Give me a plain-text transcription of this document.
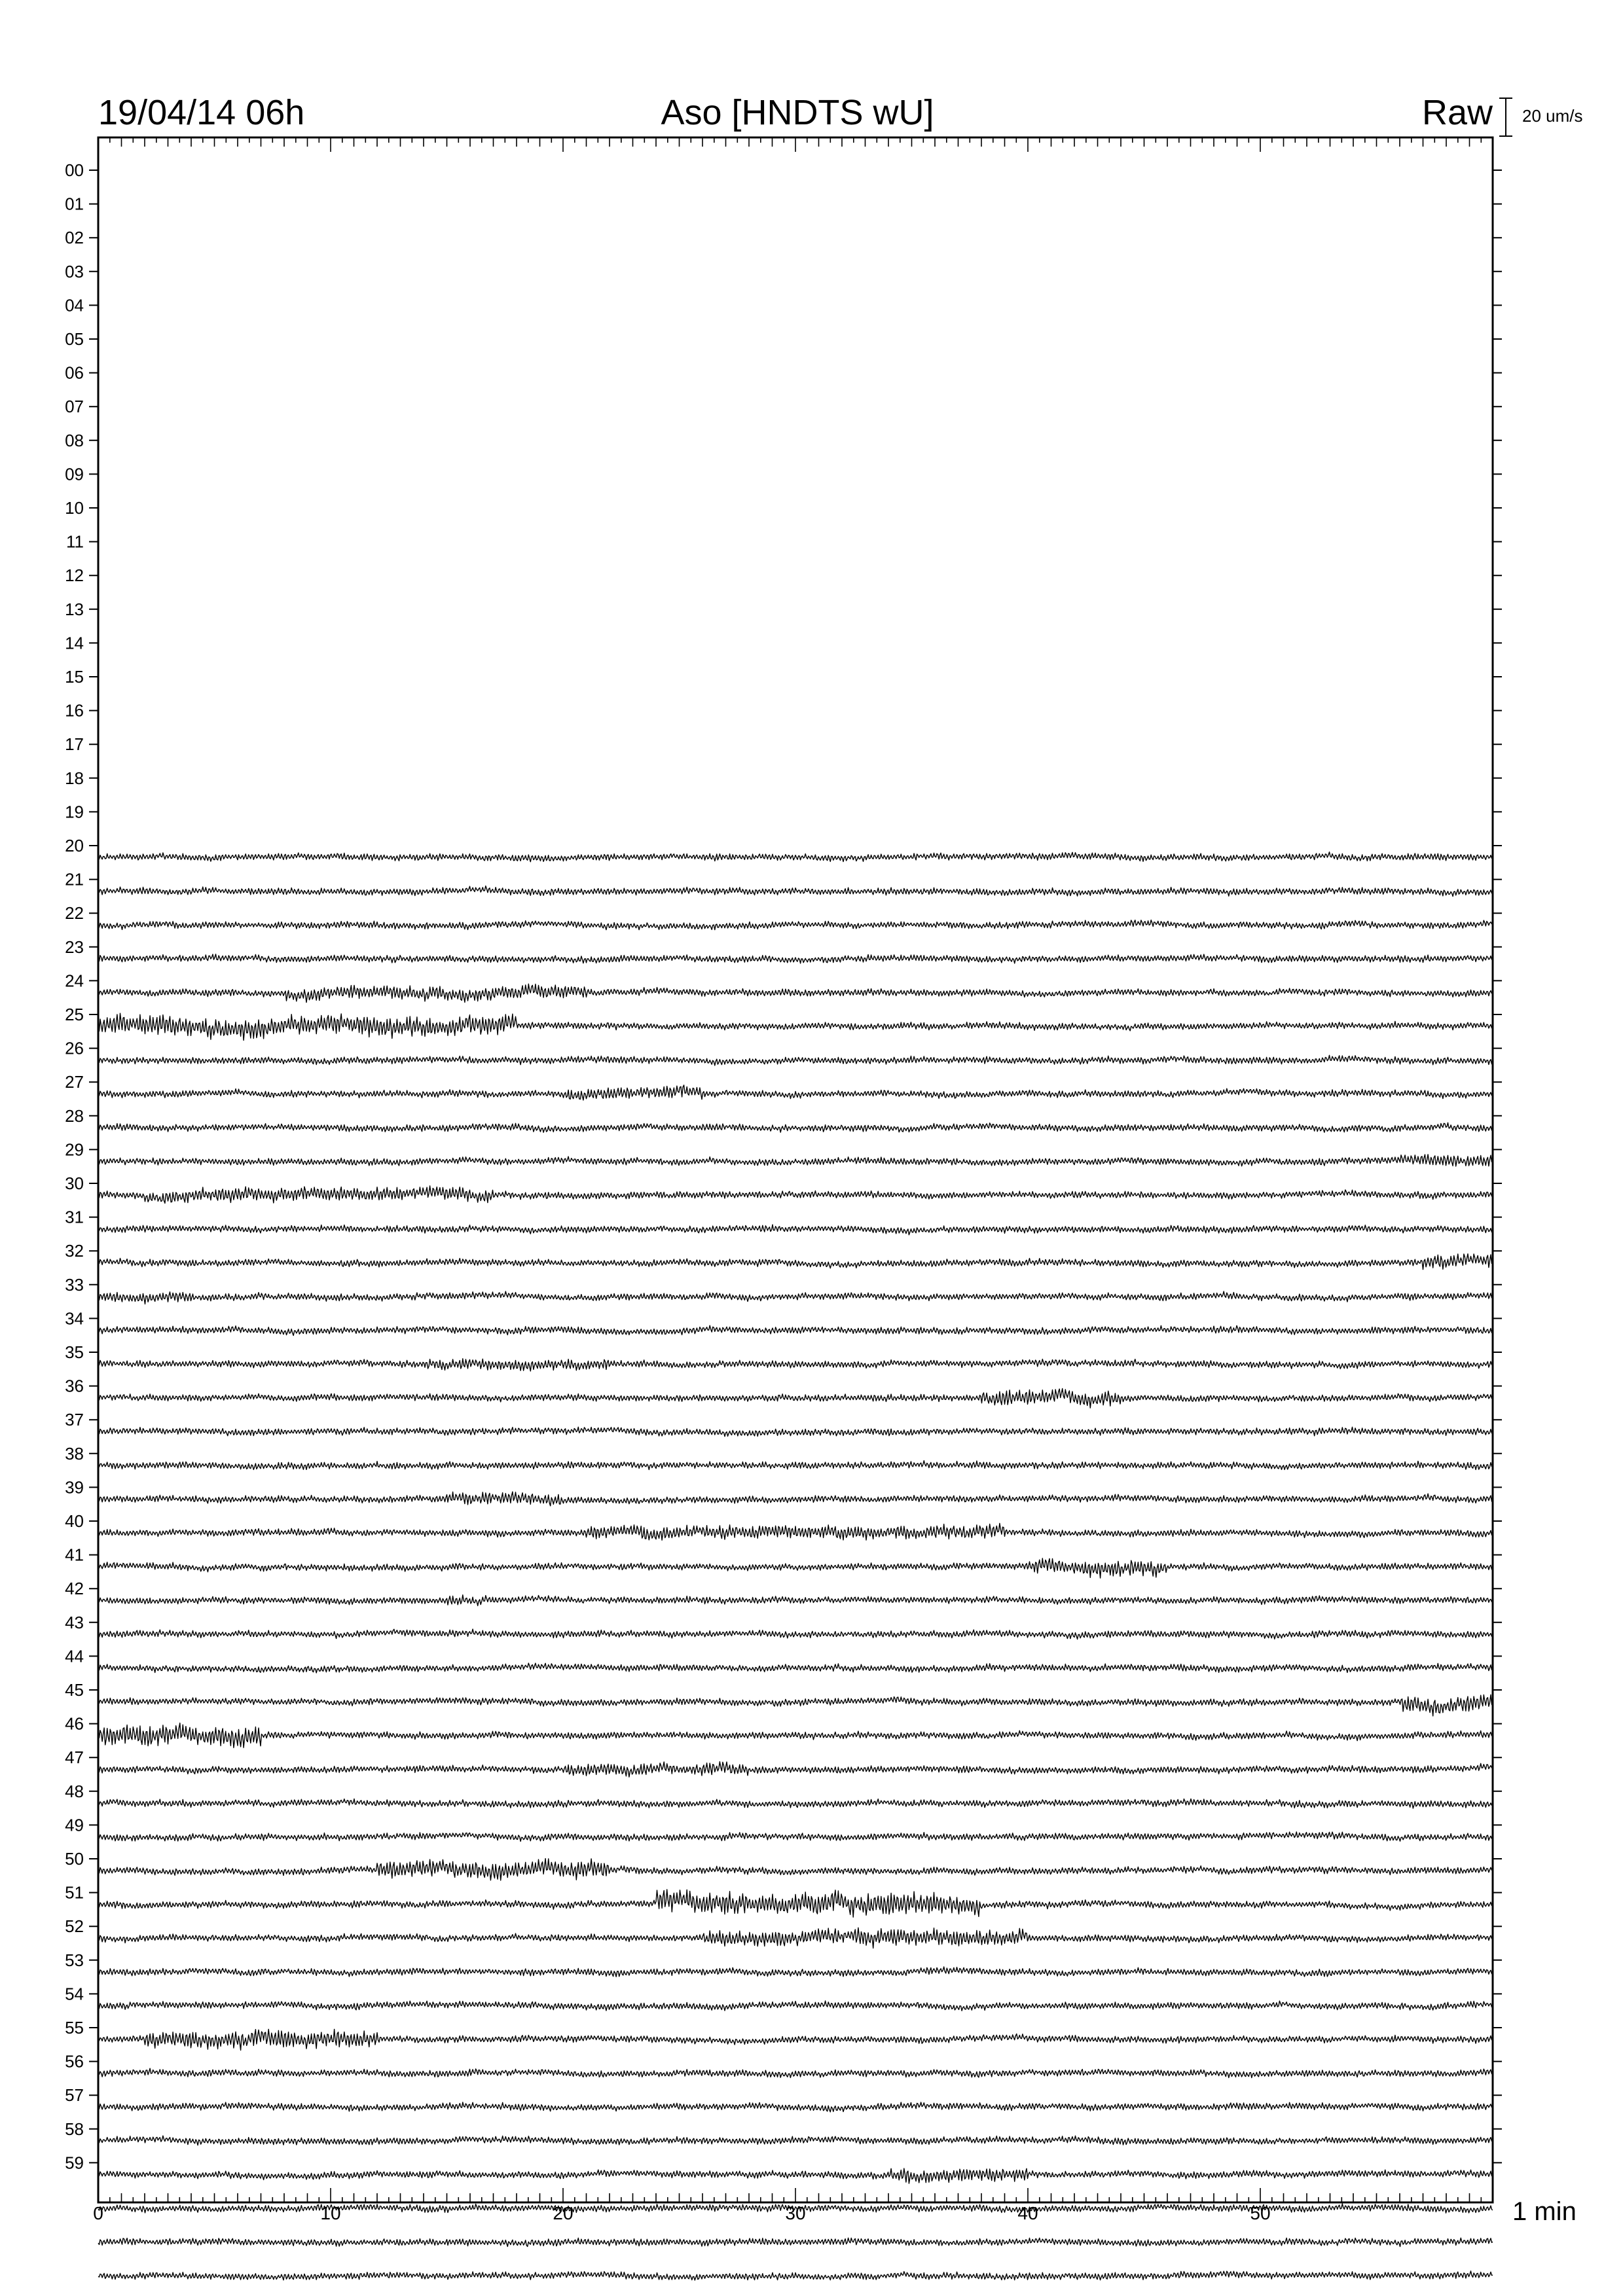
19/04/14 06h	Aso [HNDTS wU]	Raw 20 um/s
00
01
02
03
04
05
06
07
08
09
10
11
12
13
14
15
16
17
18
19
20
21
22
23
24
25
26
27
28
29
30
31
32
33
34
35
36
37
38
39
40
41
42
43
44
45
46
47
48
49
50
51
52
53
54
55
56
57
58
59
0	10	20	30	40	50	1 min
